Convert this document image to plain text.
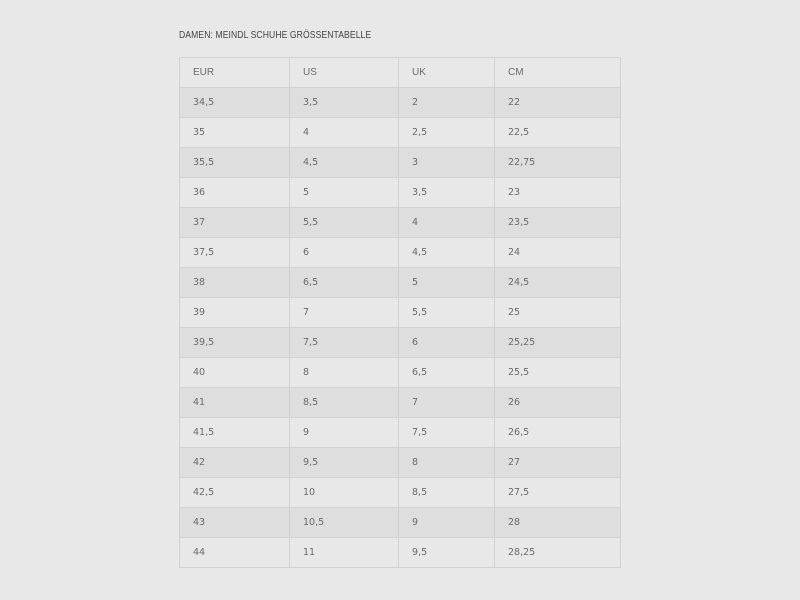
DAMEN: MEINDL SCHUHE GRÖSSENTABELLE
EUR	US	UK	CM
34,5	3,5	2	22
35	4	2,5	22,5
35,5	4,5	3	22,75
36	5	3,5	23
37	5,5	4	23,5
37,5	6	4,5	24
38	6,5	5	24,5
39	7	5,5	25
39,5	7,5	6	25,25
40	8	6,5	25,5
41	8,5	7	26
41,5	9	7,5	26,5
42	9,5	8	27
42,5	10	8,5	27,5
43	10,5	9	28
44	11	9,5	28,25
